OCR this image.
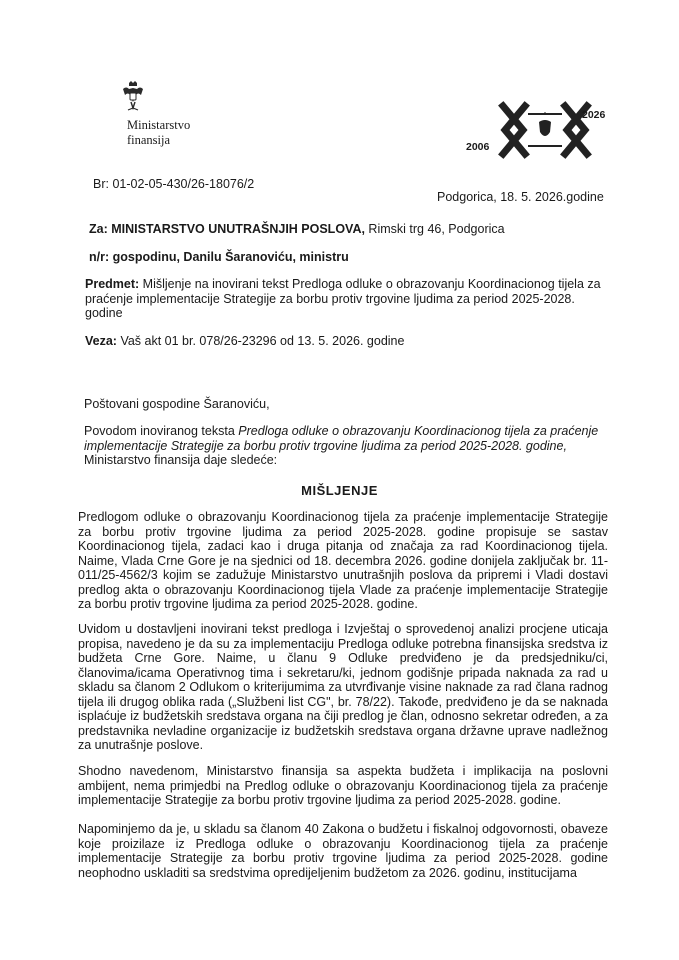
Ministarstvo
finansija	2006
2026
Br: 01-02-05-430/26-18076/2
Podgorica, 18. 5. 2026.godine
Za: MINISTARSTVO UNUTRAŠNJIH POSLOVA, Rimski trg 46, Podgorica
n/r: gospodinu, Danilu Šaranoviću, ministru
Predmet: Mišljenje na inovirani tekst Predloga odluke o obrazovanju Koordinacionog tijela za praćenje implementacije Strategije za borbu protiv trgovine ljudima za period 2025-2028. godine
Veza: Vaš akt 01 br. 078/26-23296 od 13. 5. 2026. godine
Poštovani gospodine Šaranoviću,
Povodom inoviranog teksta Predloga odluke o obrazovanju Koordinacionog tijela za praćenje implementacije Strategije za borbu protiv trgovine ljudima za period 2025-2028. godine, Ministarstvo finansija daje sledeće:
MIŠLJENJE
Predlogom odluke o obrazovanju Koordinacionog tijela za praćenje implementacije Strategije za borbu protiv trgovine ljudima za period 2025-2028. godine propisuje se sastav Koordinacionog tijela, zadaci kao i druga pitanja od značaja za rad Koordinacionog tijela. Naime, Vlada Crne Gore je na sjednici od 18. decembra 2026. godine donijela zaključak br. 11-011/25-4562/3 kojim se zadužuje Ministarstvo unutrašnjih poslova da pripremi i Vladi dostavi predlog akta o obrazovanju Koordinacionog tijela Vlade za praćenje implementacije Strategije za borbu protiv trgovine ljudima za period 2025-2028. godine.
Uvidom u dostavljeni inovirani tekst predloga i Izvještaj o sprovedenoj analizi procjene uticaja propisa, navedeno je da su za implementaciju Predloga odluke potrebna finansijska sredstva iz budžeta Crne Gore. Naime, u članu 9 Odluke predviđeno je da predsjedniku/ci, članovima/icama Operativnog tima i sekretaru/ki, jednom godišnje pripada naknada za rad u skladu sa članom 2 Odlukom o kriterijumima za utvrđivanje visine naknade za rad člana radnog tijela ili drugog oblika rada („Službeni list CG", br. 78/22). Takođe, predviđeno je da se naknada isplaćuje iz budžetskih sredstava organa na čiji predlog je član, odnosno sekretar određen, a za predstavnika nevladine organizacije iz budžetskih sredstava organa državne uprave nadležnog za unutrašnje poslove.
Shodno navedenom, Ministarstvo finansija sa aspekta budžeta i implikacija na poslovni ambijent, nema primjedbi na Predlog odluke o obrazovanju Koordinacionog tijela za praćenje implementacije Strategije za borbu protiv trgovine ljudima za period 2025-2028. godine.
Napominjemo da je, u skladu sa članom 40 Zakona o budžetu i fiskalnoj odgovornosti, obaveze koje proizilaze iz Predloga odluke o obrazovanju Koordinacionog tijela za praćenje implementacije Strategije za borbu protiv trgovine ljudima za period 2025-2028. godine neophodno uskladiti sa sredstvima opredijeljenim budžetom za 2026. godinu, institucijama
